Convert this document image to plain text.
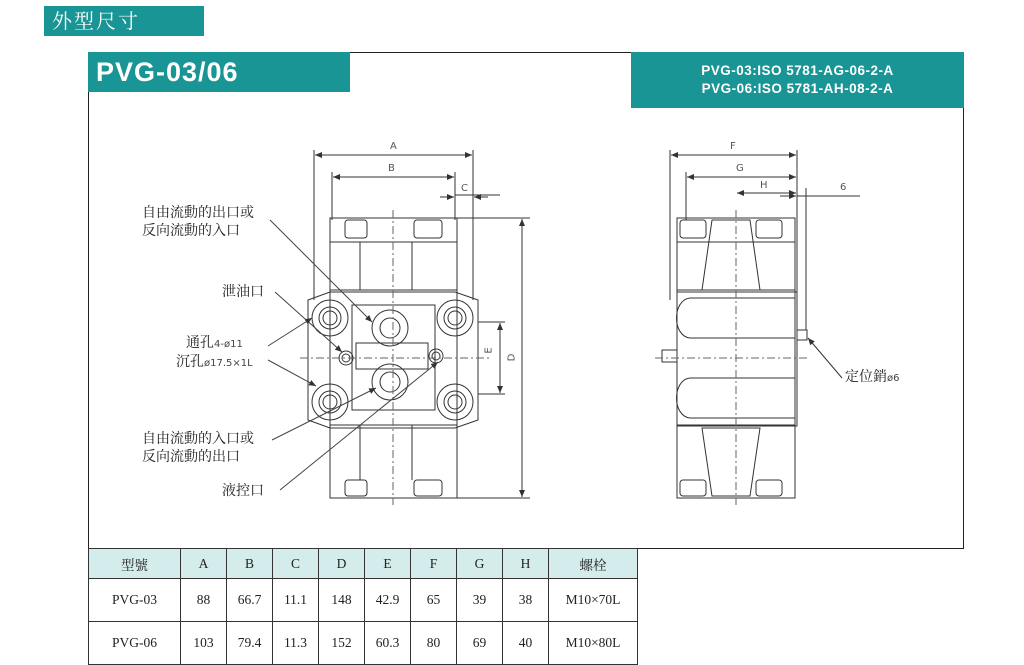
外型尺寸
PVG-03/06	PVG-03:ISO 5781-AG-06-2-A
PVG-06:ISO 5781-AH-08-2-A
A
B
C
D
E
F
G
H	6
自由流動的出口或
反向流動的入口
泄油口
通孔4-ø11
沉孔ø17.5×1L
自由流動的入口或
反向流動的出口
液控口
定位銷ø6
型號	A	B	C	D	E	F	G	H	螺栓
PVG-03	88	66.7	11.1	148	42.9	65	39	38	M10×70L
PVG-06	103	79.4	11.3	152	60.3	80	69	40	M10×80L
